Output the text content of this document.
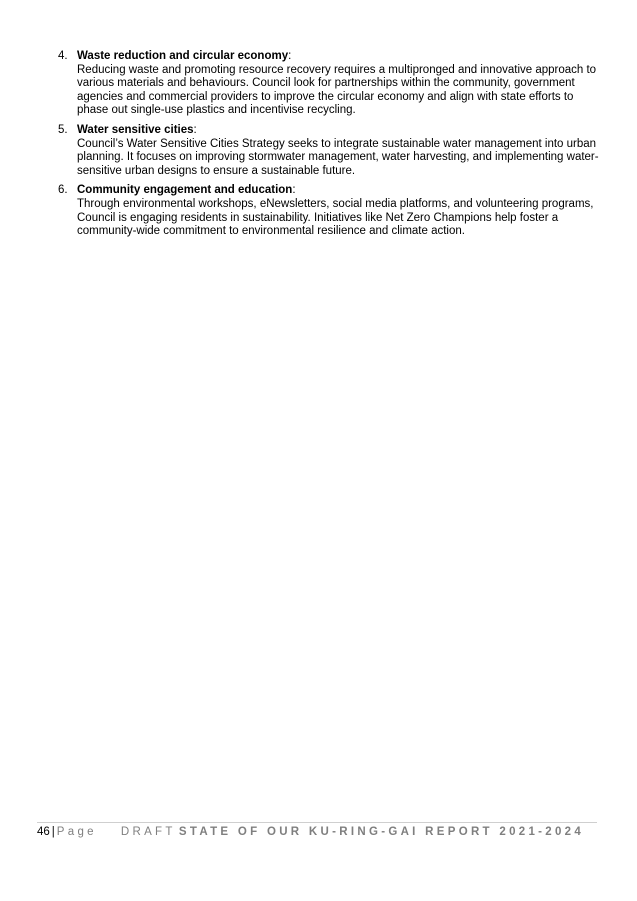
4. Waste reduction and circular economy:
Reducing waste and promoting resource recovery requires a multipronged and innovative approach to various materials and behaviours. Council look for partnerships within the community, government agencies and commercial providers to improve the circular economy and align with state efforts to phase out single-use plastics and incentivise recycling.
5. Water sensitive cities:
Council’s Water Sensitive Cities Strategy seeks to integrate sustainable water management into urban planning. It focuses on improving stormwater management, water harvesting, and implementing water-sensitive urban designs to ensure a sustainable future.
6. Community engagement and education:
Through environmental workshops, eNewsletters, social media platforms, and volunteering programs, Council is engaging residents in sustainability. Initiatives like Net Zero Champions help foster a community-wide commitment to environmental resilience and climate action.
46 | Page DRAFT STATE OF OUR KU-RING-GAI REPORT 2021-2024
